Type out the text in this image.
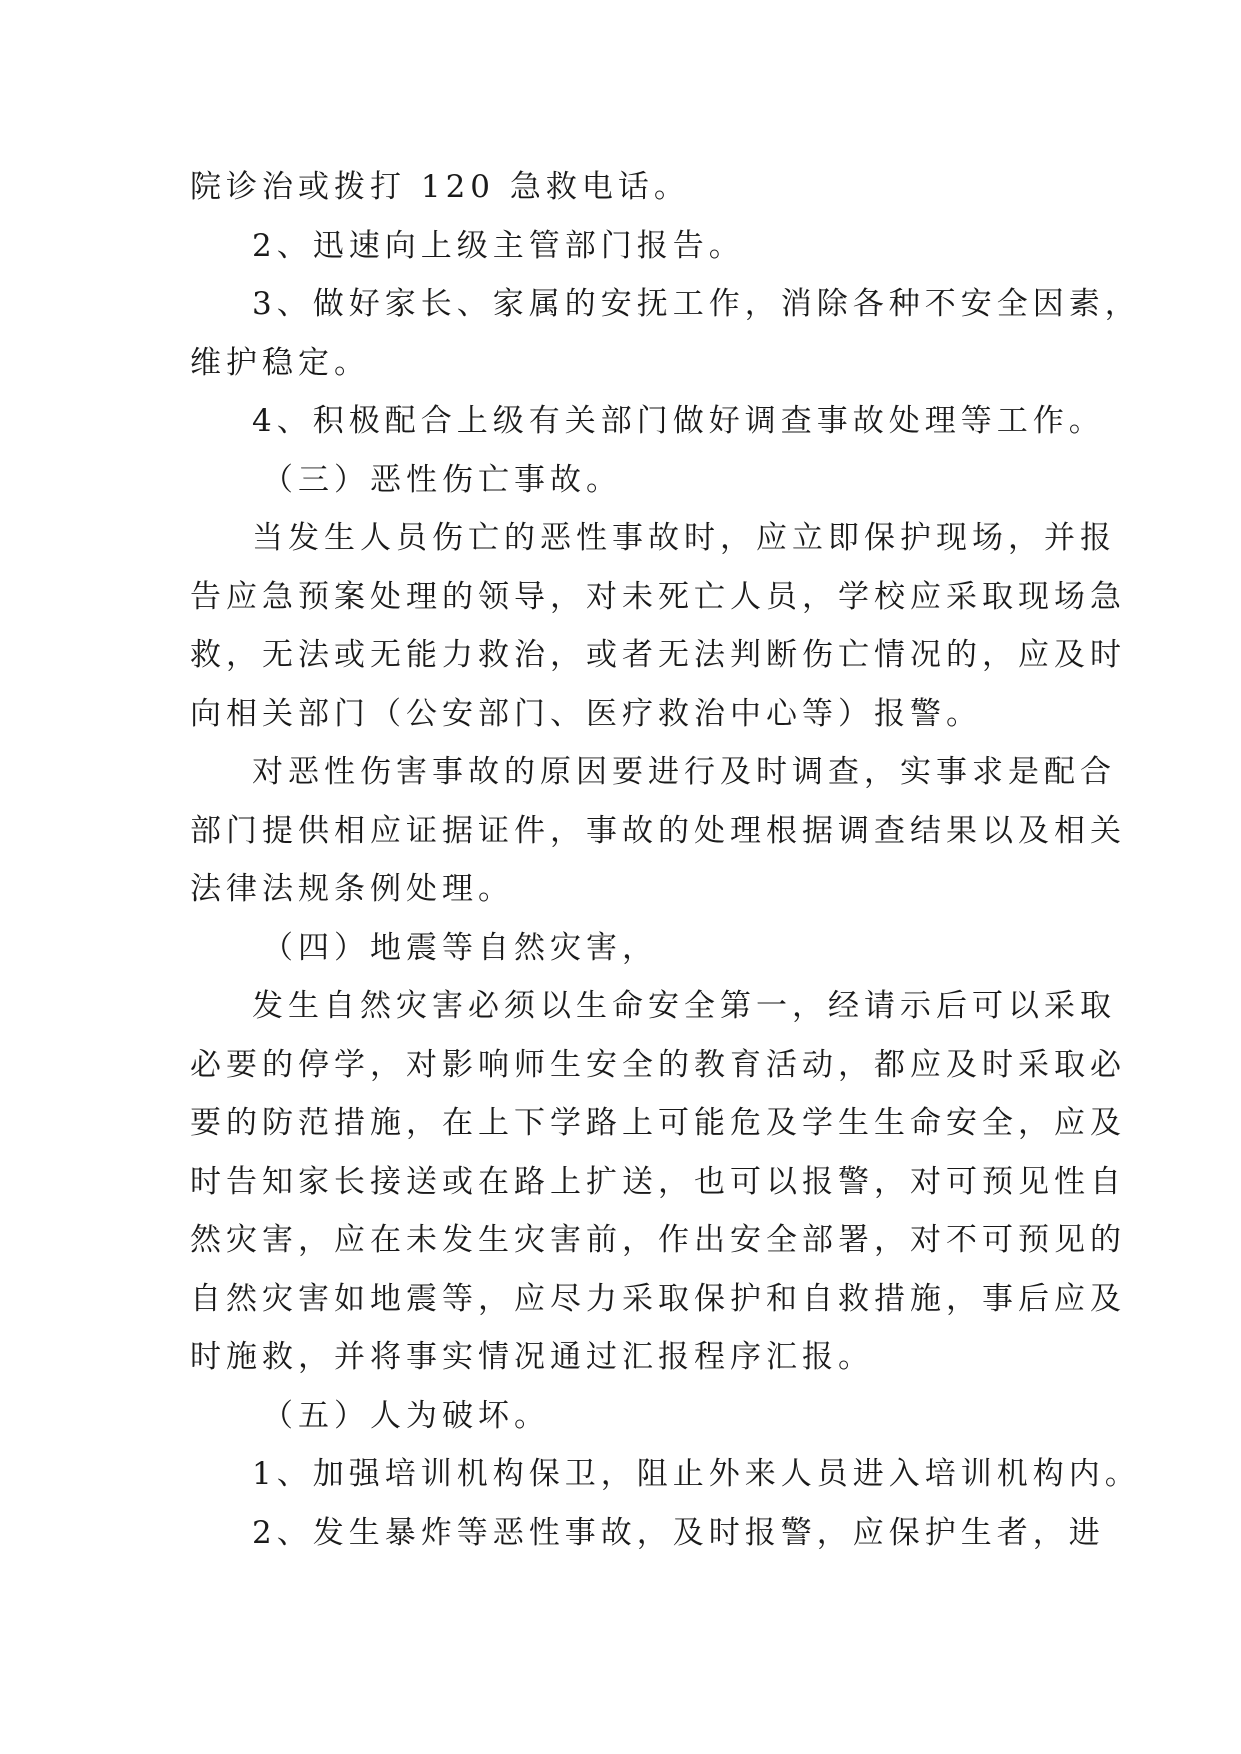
院诊治或拨打 120 急救电话。
2、迅速向上级主管部门报告。
3、做好家长、家属的安抚工作，消除各种不安全因素，
维护稳定。
4、积极配合上级有关部门做好调查事故处理等工作。
（三）恶性伤亡事故。
当发生人员伤亡的恶性事故时，应立即保护现场，并报
告应急预案处理的领导，对未死亡人员，学校应采取现场急
救，无法或无能力救治，或者无法判断伤亡情况的，应及时
向相关部门（公安部门、医疗救治中心等）报警。
对恶性伤害事故的原因要进行及时调查，实事求是配合
部门提供相应证据证件，事故的处理根据调查结果以及相关
法律法规条例处理。
（四）地震等自然灾害，
发生自然灾害必须以生命安全第一，经请示后可以采取
必要的停学，对影响师生安全的教育活动，都应及时采取必
要的防范措施，在上下学路上可能危及学生生命安全，应及
时告知家长接送或在路上扩送，也可以报警，对可预见性自
然灾害，应在未发生灾害前，作出安全部署，对不可预见的
自然灾害如地震等，应尽力采取保护和自救措施，事后应及
时施救，并将事实情况通过汇报程序汇报。
（五）人为破坏。
1、加强培训机构保卫，阻止外来人员进入培训机构内。
2、发生暴炸等恶性事故，及时报警，应保护生者，进
